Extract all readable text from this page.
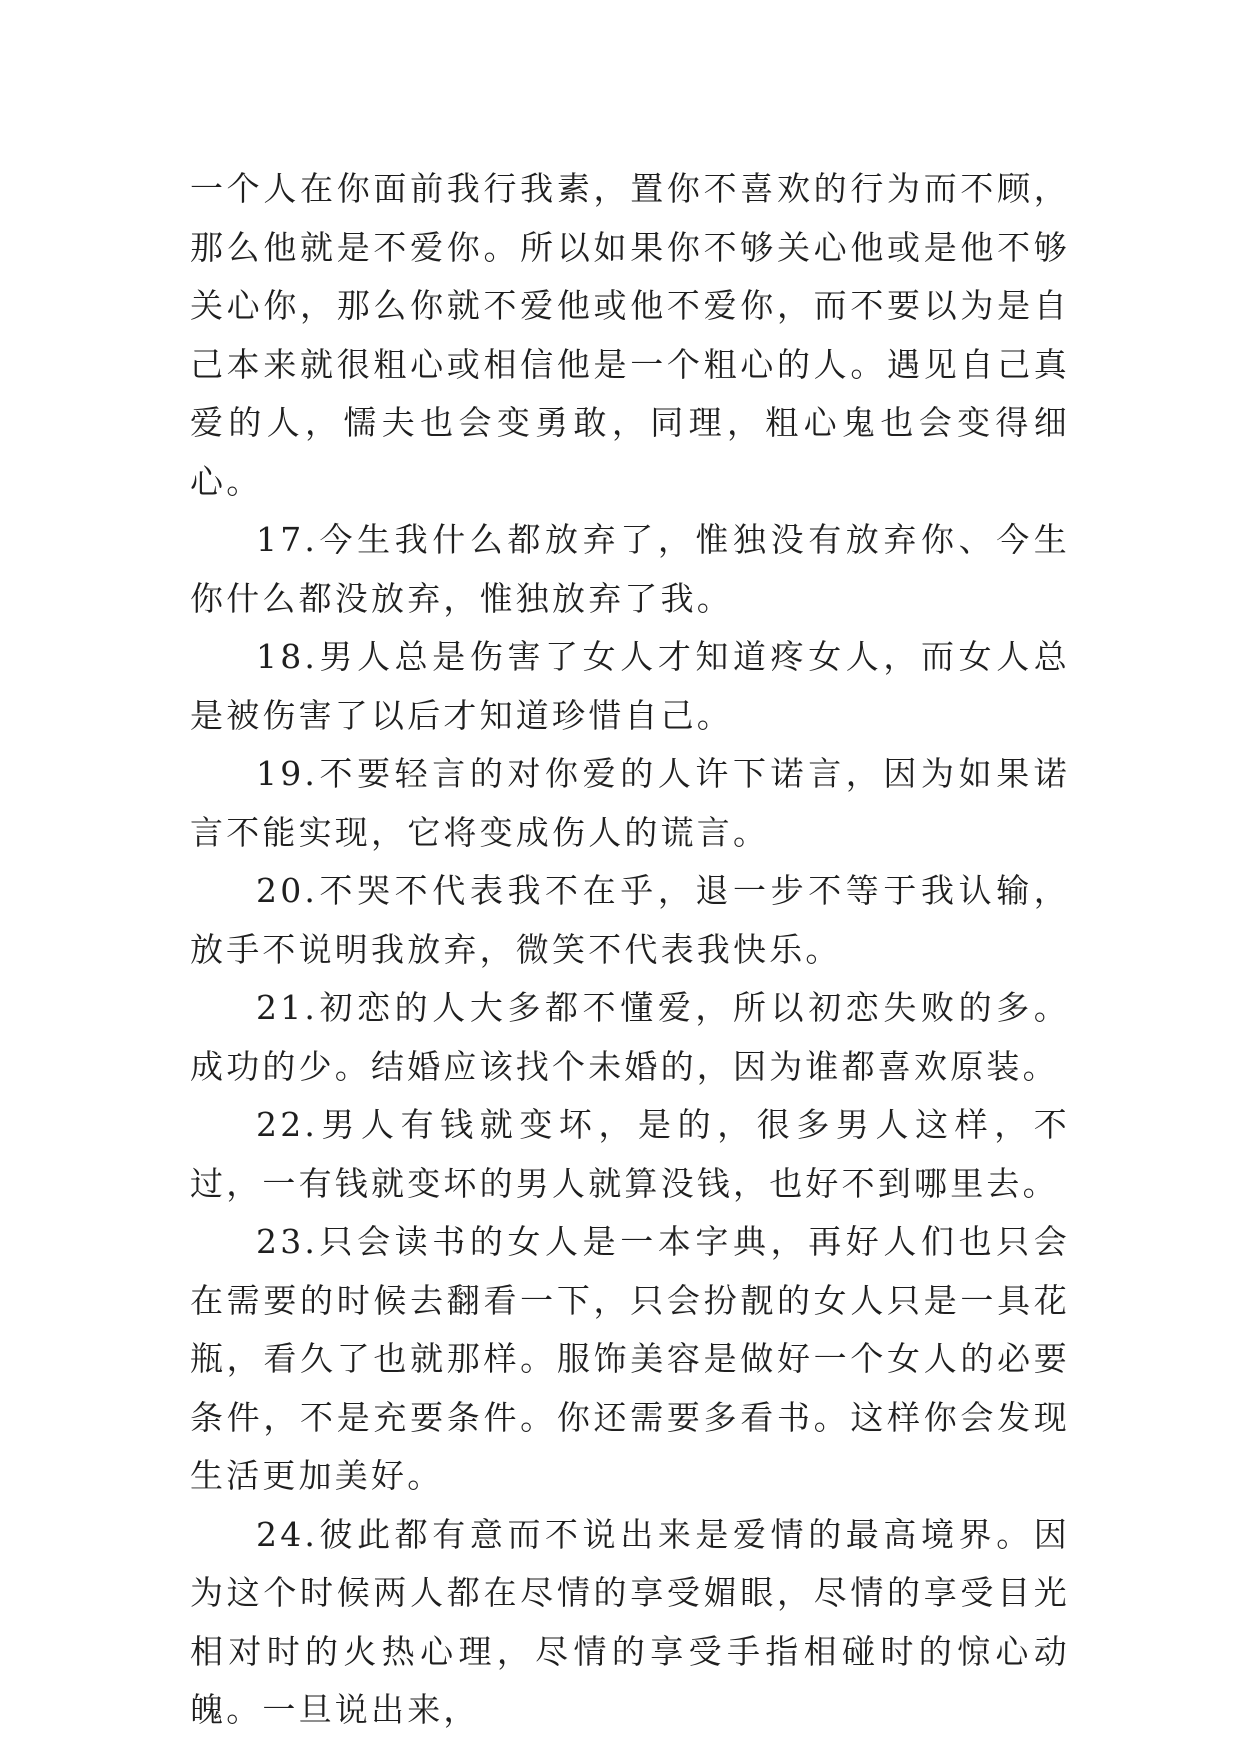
一个人在你面前我行我素，置你不喜欢的行为而不顾，那么他就是不爱你。所以如果你不够关心他或是他不够关心你，那么你就不爱他或他不爱你，而不要以为是自己本来就很粗心或相信他是一个粗心的人。遇见自己真爱的人，懦夫也会变勇敢，同理，粗心鬼也会变得细心。

17.今生我什么都放弃了，惟独没有放弃你、今生你什么都没放弃，惟独放弃了我。

18.男人总是伤害了女人才知道疼女人，而女人总是被伤害了以后才知道珍惜自己。

19.不要轻言的对你爱的人许下诺言，因为如果诺言不能实现，它将变成伤人的谎言。

20.不哭不代表我不在乎，退一步不等于我认输，放手不说明我放弃，微笑不代表我快乐。

21.初恋的人大多都不懂爱，所以初恋失败的多。成功的少。结婚应该找个未婚的，因为谁都喜欢原装。

22.男人有钱就变坏，是的，很多男人这样，不过，一有钱就变坏的男人就算没钱，也好不到哪里去。

23.只会读书的女人是一本字典，再好人们也只会在需要的时候去翻看一下，只会扮靓的女人只是一具花瓶，看久了也就那样。服饰美容是做好一个女人的必要条件，不是充要条件。你还需要多看书。这样你会发现生活更加美好。

24.彼此都有意而不说出来是爱情的最高境界。因为这个时候两人都在尽情的享受媚眼，尽情的享受目光相对时的火热心理，尽情的享受手指相碰时的惊心动魄。一旦说出来，
